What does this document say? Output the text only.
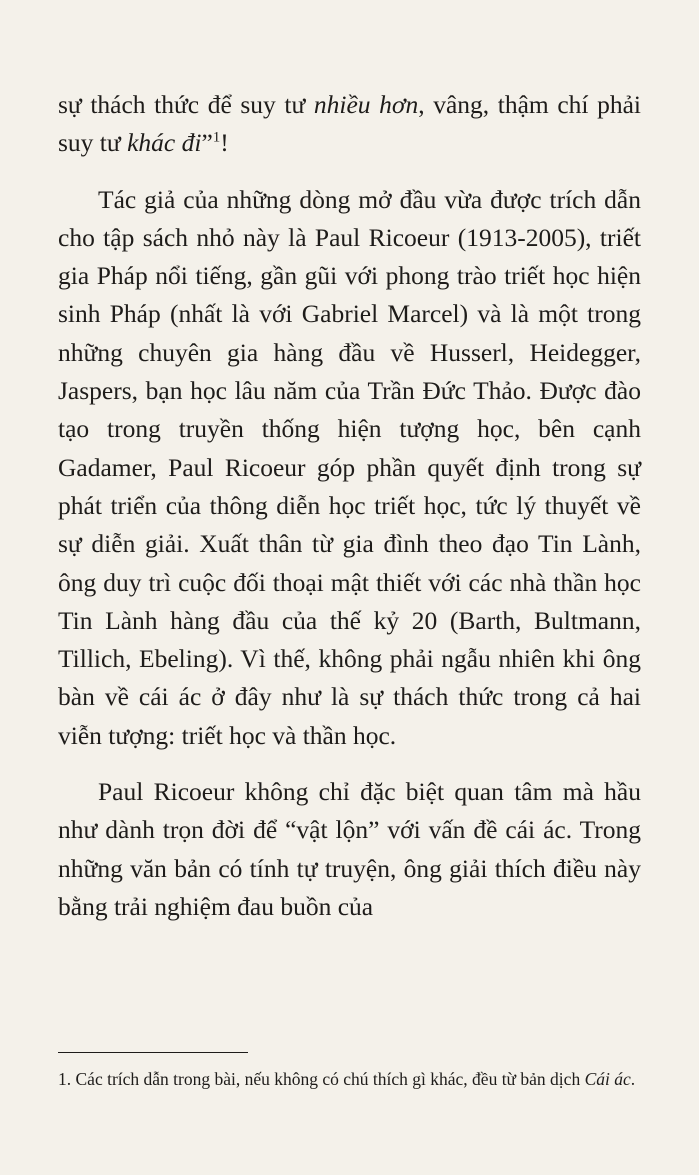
sự thách thức để suy tư nhiều hơn, vâng, thậm chí phải suy tư khác đi”$^1$!

Tác giả của những dòng mở đầu vừa được trích dẫn cho tập sách nhỏ này là Paul Ricoeur (1913-2005), triết gia Pháp nổi tiếng, gần gũi với phong trào triết học hiện sinh Pháp (nhất là với Gabriel Marcel) và là một trong những chuyên gia hàng đầu về Husserl, Heidegger, Jaspers, bạn học lâu năm của Trần Đức Thảo. Được đào tạo trong truyền thống hiện tượng học, bên cạnh Gadamer, Paul Ricoeur góp phần quyết định trong sự phát triển của thông diễn học triết học, tức lý thuyết về sự diễn giải. Xuất thân từ gia đình theo đạo Tin Lành, ông duy trì cuộc đối thoại mật thiết với các nhà thần học Tin Lành hàng đầu của thế kỷ 20 (Barth, Bultmann, Tillich, Ebeling). Vì thế, không phải ngẫu nhiên khi ông bàn về cái ác ở đây như là sự thách thức trong cả hai viễn tượng: triết học và thần học.

Paul Ricoeur không chỉ đặc biệt quan tâm mà hầu như dành trọn đời để “vật lộn” với vấn đề cái ác. Trong những văn bản có tính tự truyện, ông giải thích điều này bằng trải nghiệm đau buồn của

1. Các trích dẫn trong bài, nếu không có chú thích gì khác, đều từ bản dịch Cái ác.
